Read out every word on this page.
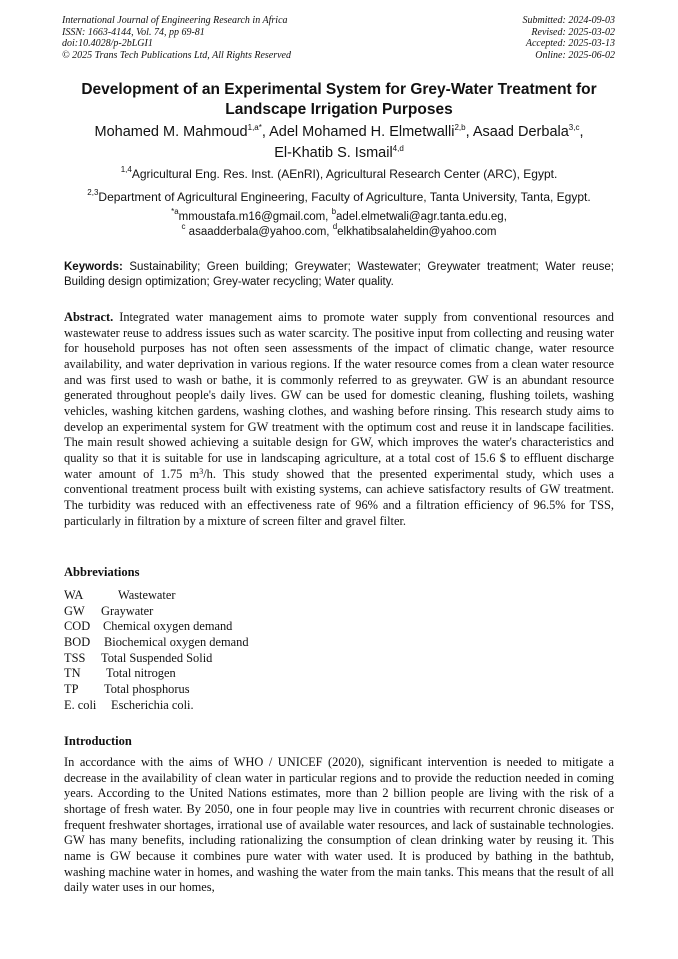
International Journal of Engineering Research in Africa
ISSN: 1663-4144, Vol. 74, pp 69-81
doi:10.4028/p-2bLGI1
© 2025 Trans Tech Publications Ltd, All Rights Reserved
Submitted: 2024-09-03
Revised: 2025-03-02
Accepted: 2025-03-13
Online: 2025-06-02
Development of an Experimental System for Grey-Water Treatment for Landscape Irrigation Purposes
Mohamed M. Mahmoud$^{1,a*}$, Adel Mohamed H. Elmetwalli$^{2,b}$, Asaad Derbala$^{3,c}$,
El-Khatib S. Ismail$^{4,d}$
$^{1,4}$Agricultural Eng. Res. Inst. (AEnRI), Agricultural Research Center (ARC), Egypt.
$^{2,3}$Department of Agricultural Engineering, Faculty of Agriculture, Tanta University, Tanta, Egypt.
$^{*a}$mmoustafa.m16@gmail.com, $^b$adel.elmetwali@agr.tanta.edu.eg,
$^c$ asaadderbala@yahoo.com, $^d$elkhatibsalaheldin@yahoo.com
Keywords: Sustainability; Green building; Greywater; Wastewater; Greywater treatment; Water reuse; Building design optimization; Grey-water recycling; Water quality.
Abstract. Integrated water management aims to promote water supply from conventional resources and wastewater reuse to address issues such as water scarcity. The positive input from collecting and reusing water for household purposes has not often seen assessments of the impact of climatic change, water resource availability, and water deprivation in various regions. If the water resource comes from a clean water resource and was first used to wash or bathe, it is commonly referred to as greywater. GW is an abundant resource generated throughout people's daily lives. GW can be used for domestic cleaning, flushing toilets, washing vehicles, washing kitchen gardens, washing clothes, and washing before rinsing. This research study aims to develop an experimental system for GW treatment with the optimum cost and reuse it in landscape facilities. The main result showed achieving a suitable design for GW, which improves the water's characteristics and quality so that it is suitable for use in landscaping agriculture, at a total cost of 15.6 $ to effluent discharge water amount of 1.75 $m^3/h$. This study showed that the presented experimental study, which uses a conventional treatment process built with existing systems, can achieve satisfactory results of GW treatment. The turbidity was reduced with an effectiveness rate of 96% and a filtration efficiency of 96.5% for TSS, particularly in filtration by a mixture of screen filter and gravel filter.
Abbreviations
WA	Wastewater
GW	Graywater
COD	Chemical oxygen demand
BOD	Biochemical oxygen demand
TSS	Total Suspended Solid
TN	Total nitrogen
TP	Total phosphorus
E. coli	Escherichia coli.
Introduction
In accordance with the aims of WHO / UNICEF (2020), significant intervention is needed to mitigate a decrease in the availability of clean water in particular regions and to provide the reduction needed in coming years. According to the United Nations estimates, more than 2 billion people are living with the risk of a shortage of fresh water. By 2050, one in four people may live in countries with recurrent chronic diseases or frequent freshwater shortages, irrational use of available water resources, and lack of sustainable technologies. GW has many benefits, including rationalizing the consumption of clean drinking water by reusing it. This name is GW because it combines pure water with water used. It is produced by bathing in the bathtub, washing machine water in homes, and washing the water from the main tanks. This means that the result of all daily water uses in our homes,
